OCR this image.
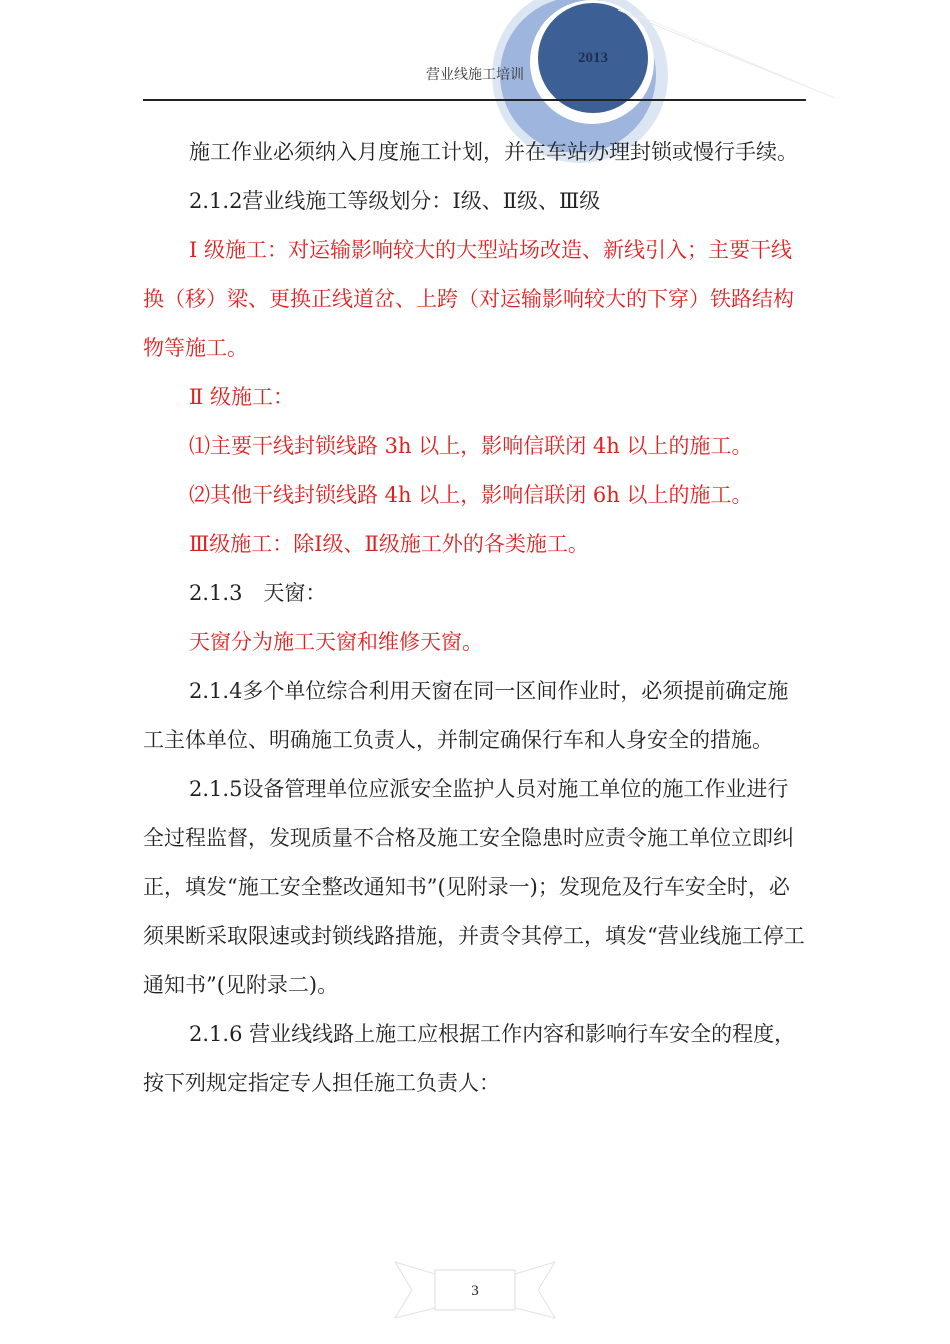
2013
营业线施工培训

施工作业必须纳入月度施工计划，并在车站办理封锁或慢行手续。

2.1.2营业线施工等级划分：Ⅰ级、Ⅱ级、Ⅲ级

Ⅰ 级施工：对运输影响较大的大型站场改造、新线引入；主要干线换（移）梁、更换正线道岔、上跨（对运输影响较大的下穿）铁路结构物等施工。

Ⅱ 级施工：

⑴主要干线封锁线路 3h 以上，影响信联闭 4h 以上的施工。

⑵其他干线封锁线路 4h 以上，影响信联闭 6h 以上的施工。

Ⅲ级施工：除Ⅰ级、Ⅱ级施工外的各类施工。

2.1.3　天窗：

天窗分为施工天窗和维修天窗。

2.1.4多个单位综合利用天窗在同一区间作业时，必须提前确定施工主体单位、明确施工负责人，并制定确保行车和人身安全的措施。

2.1.5设备管理单位应派安全监护人员对施工单位的施工作业进行全过程监督，发现质量不合格及施工安全隐患时应责令施工单位立即纠正，填发“施工安全整改通知书”(见附录一)；发现危及行车安全时，必须果断采取限速或封锁线路措施，并责令其停工，填发“营业线施工停工通知书”(见附录二)。

2.1.6 营业线线路上施工应根据工作内容和影响行车安全的程度，按下列规定指定专人担任施工负责人：

3
